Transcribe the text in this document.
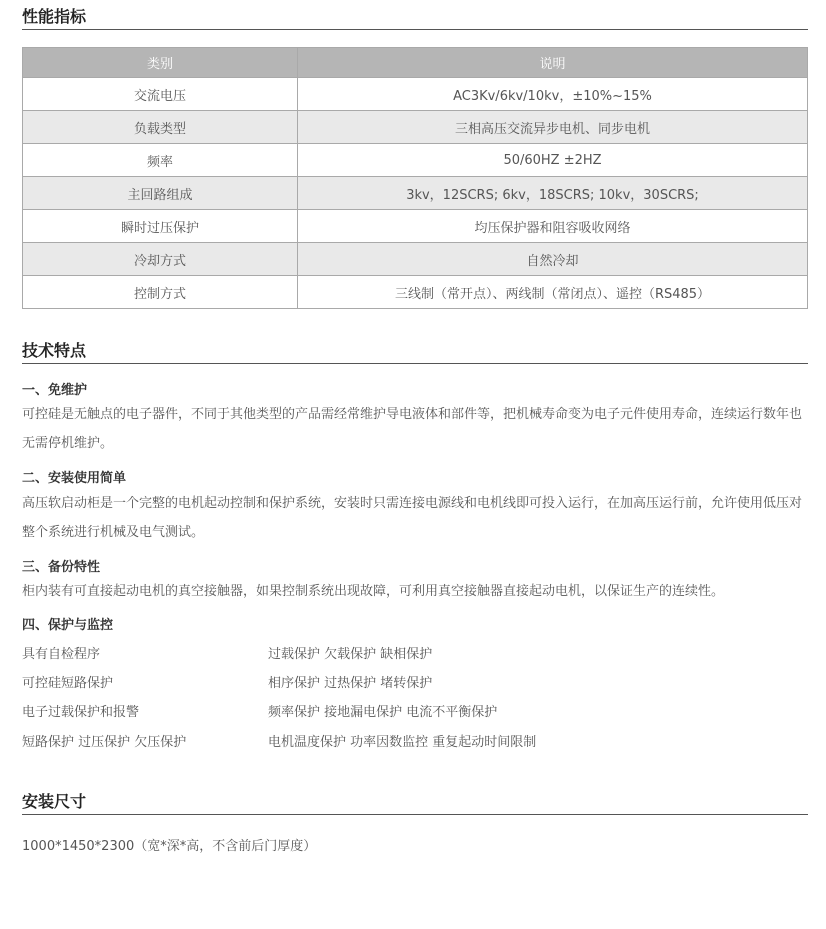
性能指标
类别	说明
交流电压	AC3Kv/6kv/10kv，±10%~15%
负载类型	三相高压交流异步电机、同步电机
频率	50/60HZ ±2HZ
主回路组成	3kv，12SCRS; 6kv，18SCRS; 10kv，30SCRS;
瞬时过压保护	均压保护器和阻容吸收网络
冷却方式	自然冷却
控制方式	三线制（常开点）、两线制（常闭点）、遥控（RS485）
技术特点
一、免维护
可控硅是无触点的电子器件，不同于其他类型的产品需经常维护导电液体和部件等，把机械寿命变为电子元件使用寿命，连续运行数年也无需停机维护。
二、安装使用简单
高压软启动柜是一个完整的电机起动控制和保护系统，安装时只需连接电源线和电机线即可投入运行，在加高压运行前，允许使用低压对整个系统进行机械及电气测试。
三、备份特性
柜内装有可直接起动电机的真空接触器，如果控制系统出现故障，可利用真空接触器直接起动电机，以保证生产的连续性。
四、保护与监控
具有自检程序	过载保护 欠载保护 缺相保护
可控硅短路保护	相序保护 过热保护 堵转保护
电子过载保护和报警	频率保护 接地漏电保护 电流不平衡保护
短路保护 过压保护 欠压保护	电机温度保护 功率因数监控 重复起动时间限制
安装尺寸
1000*1450*2300（宽*深*高，不含前后门厚度）
